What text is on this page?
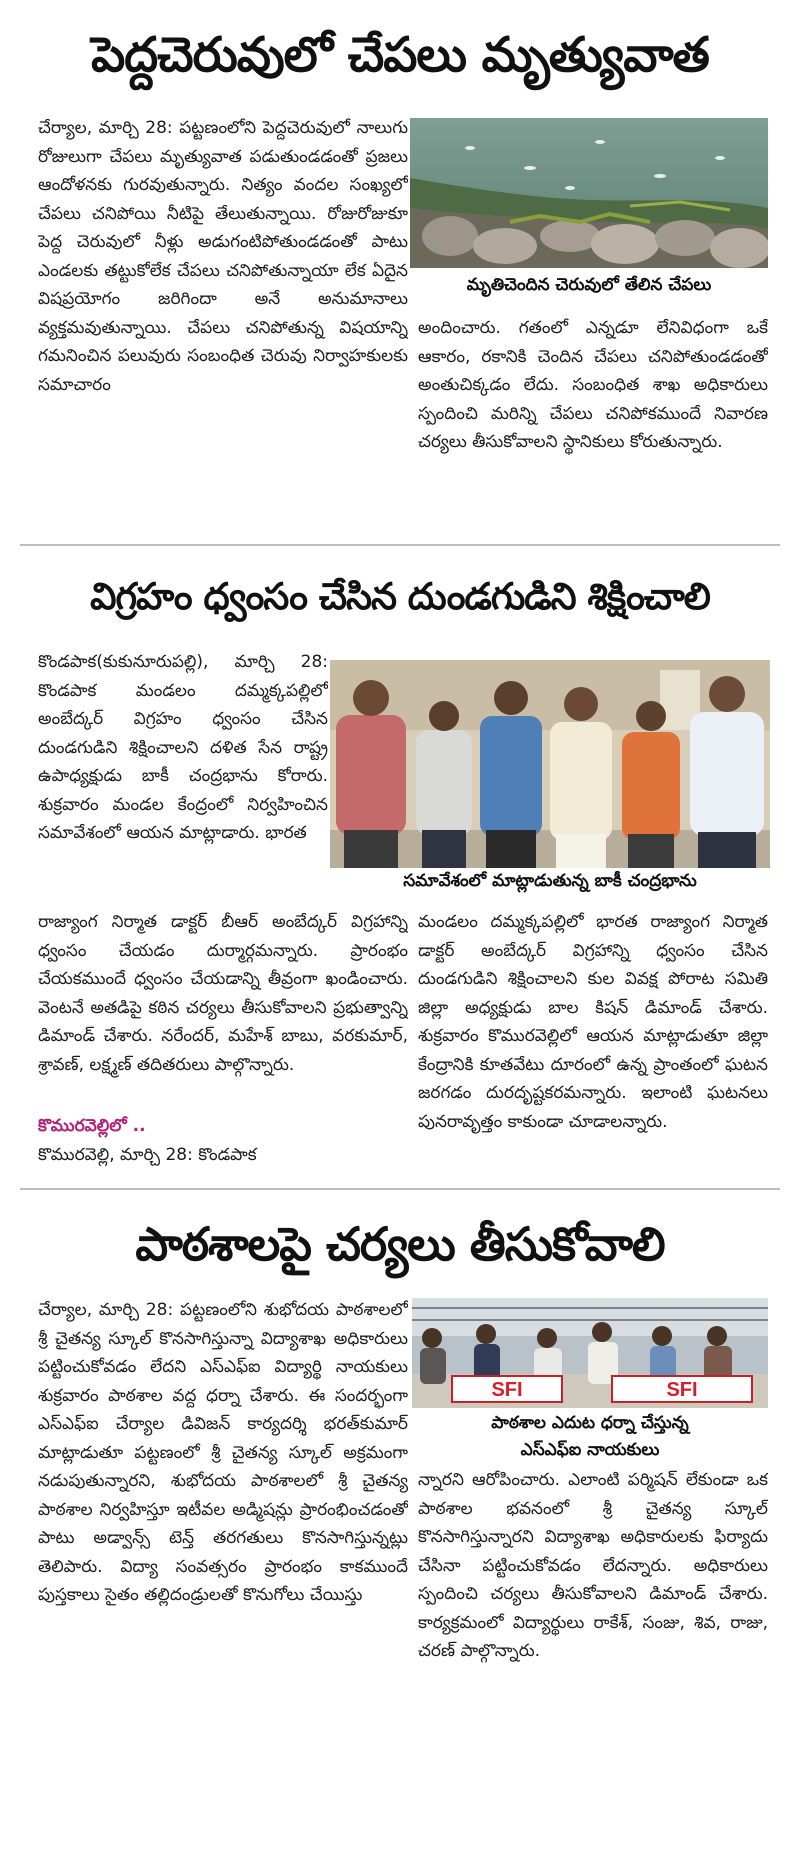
పెద్దచెరువులో చేపలు మృత్యువాత

చేర్యాల, మార్చి 28: పట్టణంలోని పెద్దచెరువులో నాలుగు రోజులుగా చేపలు మృత్యువాత పడుతుండడంతో ప్రజలు ఆందోళనకు గురవుతున్నారు. నిత్యం వందల సంఖ్యలో చేపలు చనిపోయి నీటిపై తేలుతున్నాయి. రోజురోజుకూ పెద్ద చెరువులో నీళ్లు అడుగంటిపోతుండడంతో పాటు ఎండలకు తట్టుకోలేక చేపలు చనిపోతున్నాయా లేక ఏదైన విషప్రయోగం జరిగిందా అనే అనుమానాలు వ్యక్తమవుతున్నాయి. చేపలు చనిపోతున్న విషయాన్ని గమనించిన పలువురు సంబంధిత చెరువు నిర్వాహకులకు సమాచారం

మృతిచెందిన చెరువులో తేలిన చేపలు

అందించారు. గతంలో ఎన్నడూ లేనివిధంగా ఒకే ఆకారం, రకానికి చెందిన చేపలు చనిపోతుండడంతో అంతుచిక్కడం లేదు. సంబంధిత శాఖ అధికారులు స్పందించి మరిన్ని చేపలు చనిపోకముందే నివారణ చర్యలు తీసుకోవాలని స్థానికులు కోరుతున్నారు.

విగ్రహం ధ్వంసం చేసిన దుండగుడిని శిక్షించాలి

కొండపాక(కుకునూరుపల్లి), మార్చి 28: కొండపాక మండలం దమ్మక్కపల్లిలో అంబేద్కర్ విగ్రహం ధ్వంసం చేసిన దుండగుడిని శిక్షించాలని దళిత సేన రాష్ట్ర ఉపాధ్యక్షుడు బాకీ చంద్రభాను కోరారు. శుక్రవారం మండల కేంద్రంలో నిర్వహించిన సమావేశంలో ఆయన మాట్లాడారు. భారత

సమావేశంలో మాట్లాడుతున్న బాకీ చంద్రభాను

రాజ్యాంగ నిర్మాత డాక్టర్ బీఆర్ అంబేద్కర్ విగ్రహాన్ని ధ్వంసం చేయడం దుర్మార్గమన్నారు. ప్రారంభం చేయకముందే ధ్వంసం చేయడాన్ని తీవ్రంగా ఖండించారు. వెంటనే అతడిపై కఠిన చర్యలు తీసుకోవాలని ప్రభుత్వాన్ని డిమాండ్ చేశారు. నరేందర్, మహేశ్ బాబు, వరకుమార్, శ్రావణ్, లక్ష్మణ్ తదితరులు పాల్గొన్నారు.

కొమురవెల్లిలో ..

కొమురవెల్లి, మార్చి 28: కొండపాక

మండలం దమ్మక్కపల్లిలో భారత రాజ్యాంగ నిర్మాత డాక్టర్ అంబేద్కర్ విగ్రహాన్ని ధ్వంసం చేసిన దుండగుడిని శిక్షించాలని కుల వివక్ష పోరాట సమితి జిల్లా అధ్యక్షుడు బాల కిషన్ డిమాండ్ చేశారు. శుక్రవారం కొమురవెల్లిలో ఆయన మాట్లాడుతూ జిల్లా కేంద్రానికి కూతవేటు దూరంలో ఉన్న ప్రాంతంలో ఘటన జరగడం దురదృష్టకరమన్నారు. ఇలాంటి ఘటనలు పునరావృత్తం కాకుండా చూడాలన్నారు.

పాఠశాలపై చర్యలు తీసుకోవాలి

చేర్యాల, మార్చి 28: పట్టణంలోని శుభోదయ పాఠశాలలో శ్రీ చైతన్య స్కూల్ కొనసాగిస్తున్నా విద్యాశాఖ అధికారులు పట్టించుకోవడం లేదని ఎస్ఎఫ్ఐ విద్యార్థి నాయకులు శుక్రవారం పాఠశాల వద్ద ధర్నా చేశారు. ఈ సందర్భంగా ఎస్ఎఫ్ఐ చేర్యాల డివిజన్ కార్యదర్శి భరత్‌కుమార్ మాట్లాడుతూ పట్టణంలో శ్రీ చైతన్య స్కూల్ అక్రమంగా నడుపుతున్నారని, శుభోదయ పాఠశాలలో శ్రీ చైతన్య పాఠశాల నిర్వహిస్తూ ఇటీవల అడ్మిషన్లు ప్రారంభించడంతో పాటు అడ్వాన్స్ టెన్త్ తరగతులు కొనసాగిస్తున్నట్లు తెలిపారు. విద్యా సంవత్సరం ప్రారంభం కాకముందే పుస్తకాలు సైతం తల్లిదండ్రులతో కొనుగోలు చేయిస్తు

SFI	SFI
పాఠశాల ఎదుట ధర్నా చేస్తున్న
ఎస్ఎఫ్ఐ నాయకులు

న్నారని ఆరోపించారు. ఎలాంటి పర్మిషన్ లేకుండా ఒక పాఠశాల భవనంలో శ్రీ చైతన్య స్కూల్ కొనసాగిస్తున్నారని విద్యాశాఖ అధికారులకు ఫిర్యాదు చేసినా పట్టించుకోవడం లేదన్నారు. అధికారులు స్పందించి చర్యలు తీసుకోవాలని డిమాండ్ చేశారు. కార్యక్రమంలో విద్యార్థులు రాకేశ్, సంజు, శివ, రాజు, చరణ్ పాల్గొన్నారు.
